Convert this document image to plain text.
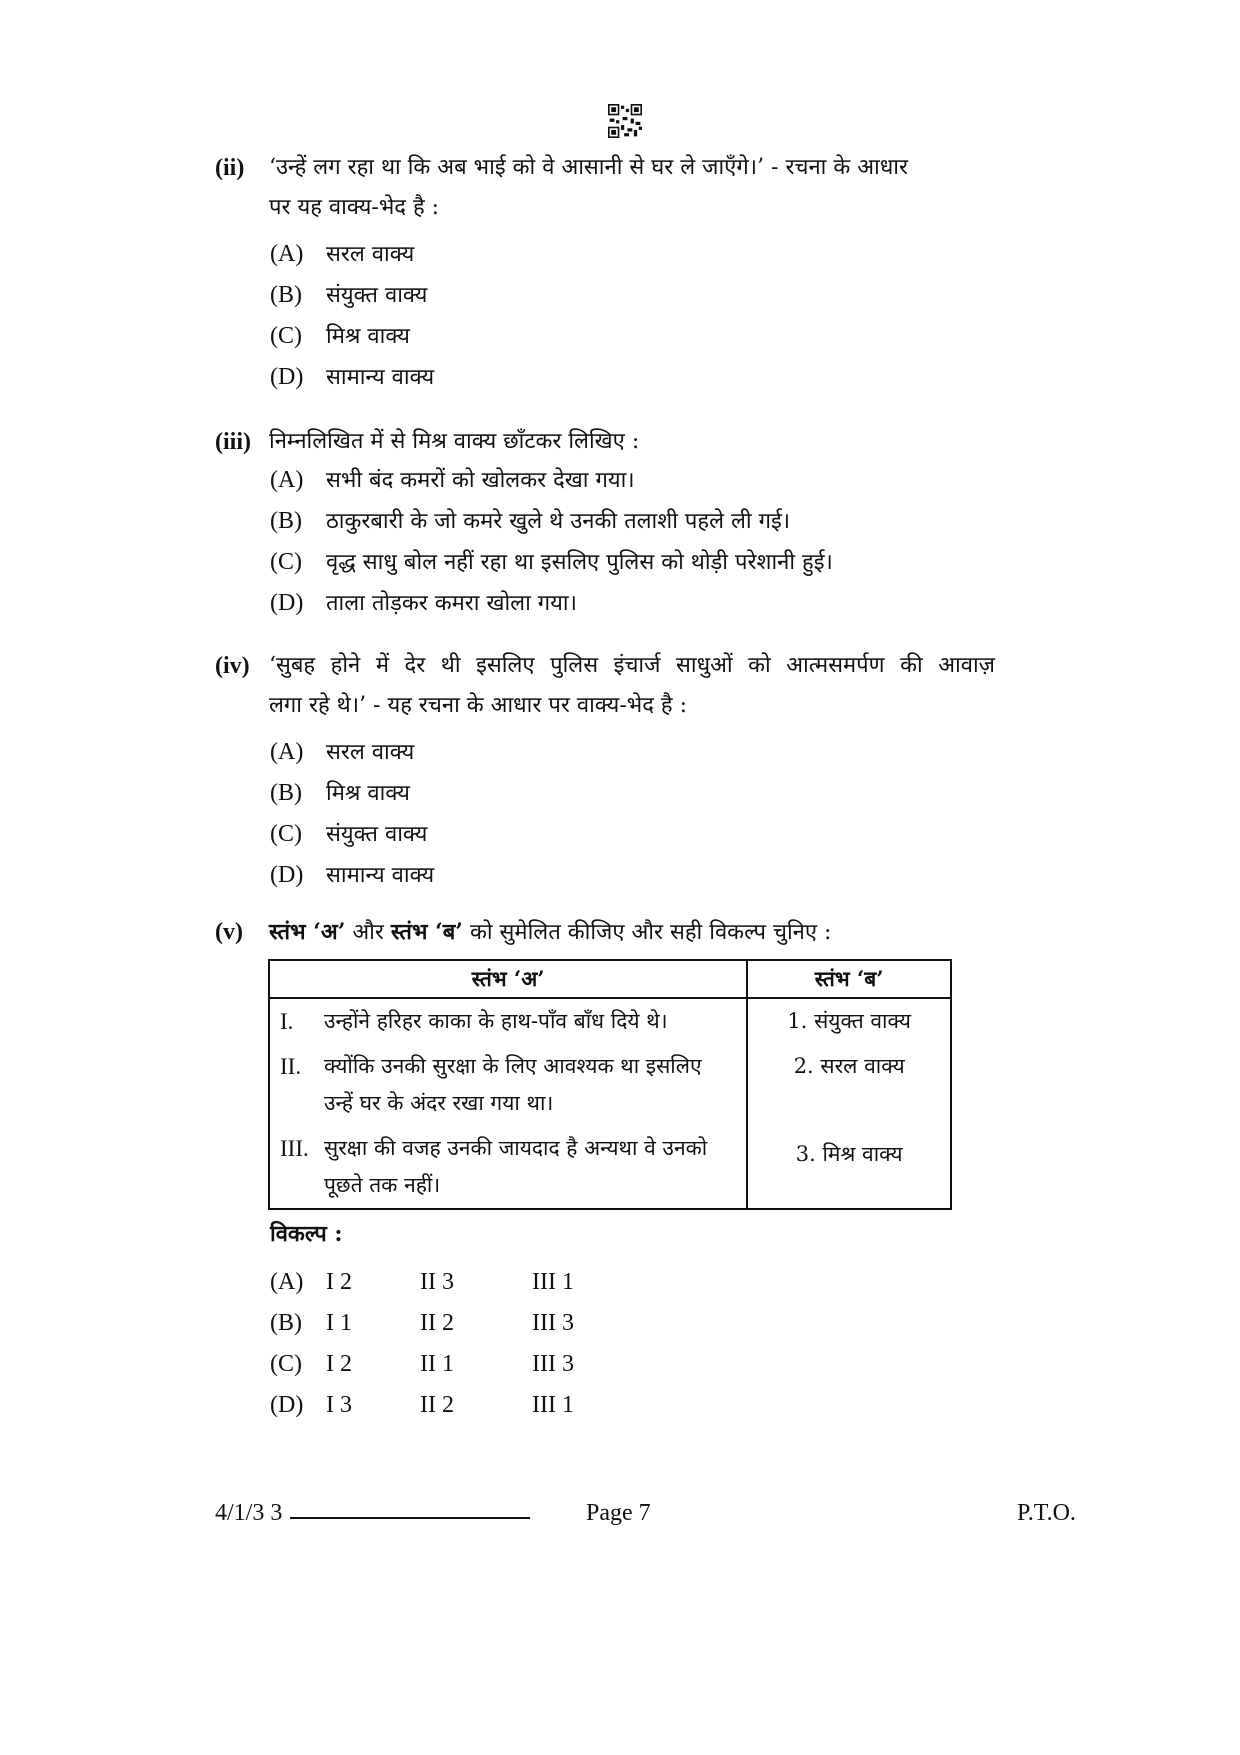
(ii) ‘उन्हें लग रहा था कि अब भाई को वे आसानी से घर ले जाएँगे।’ - रचना के आधार
पर यह वाक्य-भेद है :
(A) सरल वाक्य
(B) संयुक्त वाक्य
(C) मिश्र वाक्य
(D) सामान्य वाक्य
(iii) निम्नलिखित में से मिश्र वाक्य छाँटकर लिखिए :
(A) सभी बंद कमरों को खोलकर देखा गया।
(B) ठाकुरबारी के जो कमरे खुले थे उनकी तलाशी पहले ली गई।
(C) वृद्ध साधु बोल नहीं रहा था इसलिए पुलिस को थोड़ी परेशानी हुई।
(D) ताला तोड़कर कमरा खोला गया।
(iv) ‘सुबह होने में देर थी इसलिए पुलिस इंचार्ज साधुओं को आत्मसमर्पण की आवाज़
लगा रहे थे।’ - यह रचना के आधार पर वाक्य-भेद है :
(A) सरल वाक्य
(B) मिश्र वाक्य
(C) संयुक्त वाक्य
(D) सामान्य वाक्य
(v) स्तंभ ‘अ’ और स्तंभ ‘ब’ को सुमेलित कीजिए और सही विकल्प चुनिए :
स्तंभ ‘अ’	स्तंभ ‘ब’
I. उन्होंने हरिहर काका के हाथ-पाँव बाँध दिये थे।	1. संयुक्त वाक्य
II. क्योंकि उनकी सुरक्षा के लिए आवश्यक था इसलिए उन्हें घर के अंदर रखा गया था।	2. सरल वाक्य
III. सुरक्षा की वजह उनकी जायदाद है अन्यथा वे उनको पूछते तक नहीं।	3. मिश्र वाक्य
विकल्प :
(A) I 2	II 3	III 1
(B) I 1	II 2	III 3
(C) I 2	II 1	III 3
(D) I 3	II 2	III 1
4/1/3 3	Page 7	P.T.O.
